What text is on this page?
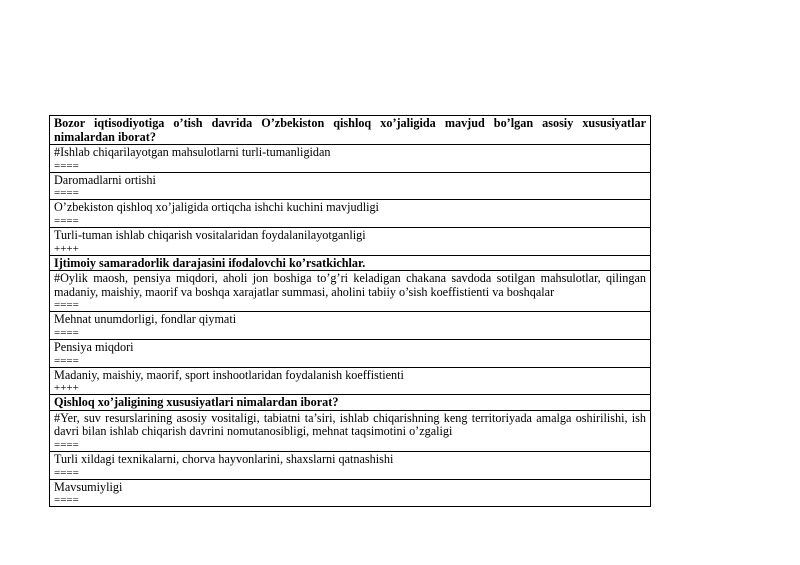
Bozor iqtisodiyotiga o’tish davrida O’zbekiston qishloq xo’jaligida mavjud bo’lgan asosiy xususiyatlar nimalardan iborat?
#Ishlab chiqarilayotgan mahsulotlarni turli-tumanligidan
====

Daromadlarni ortishi
====

O’zbekiston qishloq xo’jaligida ortiqcha ishchi kuchini mavjudligi
====

Turli-tuman ishlab chiqarish vositalaridan foydalanilayotganligi
++++

Ijtimoiy samaradorlik darajasini ifodalovchi ko’rsatkichlar.
#Oylik maosh, pensiya miqdori, aholi jon boshiga to’g’ri keladigan chakana savdoda sotilgan mahsulotlar, qilingan madaniy, maishiy, maorif va boshqa xarajatlar summasi, aholini tabiiy o’sish koeffistienti va boshqalar
====

Mehnat unumdorligi, fondlar qiymati
====

Pensiya miqdori
====

Madaniy, maishiy, maorif, sport inshootlaridan foydalanish koeffistienti
++++

Qishloq xo’jaligining xususiyatlari nimalardan iborat?
#Yer, suv resurslarining asosiy vositaligi, tabiatni ta’siri, ishlab chiqarishning keng territoriyada amalga oshirilishi, ish davri bilan ishlab chiqarish davrini nomutanosibligi, mehnat taqsimotini o’zgaligi
====

Turli xildagi texnikalarni, chorva hayvonlarini, shaxslarni qatnashishi
====

Mavsumiyligi
====
